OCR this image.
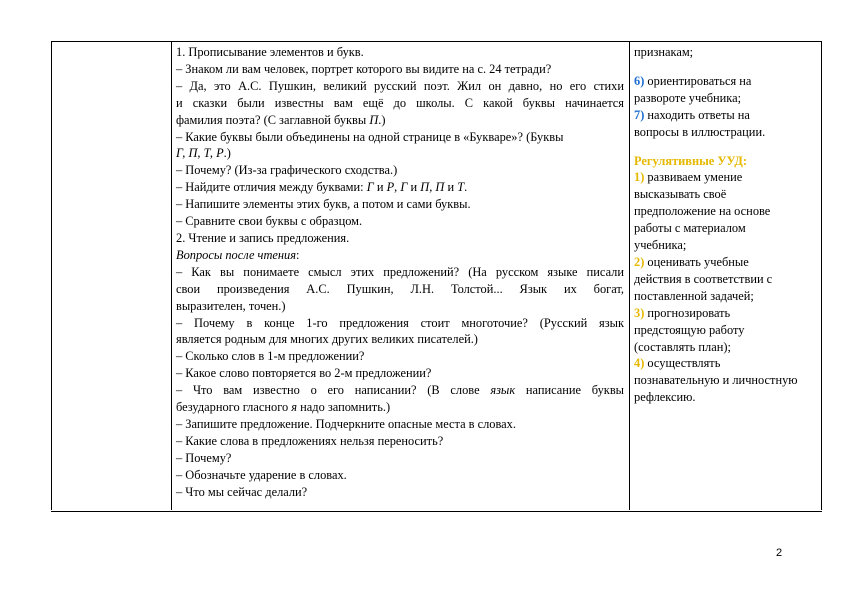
1. Прописывание элементов и букв.
– Знаком ли вам человек, портрет которого вы видите на с. 24 тетради?
– Да, это А.С. Пушкин, великий русский поэт. Жил он давно, но его стихи
и сказки были известны вам ещё до школы. С какой буквы начинается
фамилия поэта? (С заглавной буквы П.)
– Какие буквы были объединены на одной странице в «Букваре»? (Буквы
Г, П, Т, Р.)
– Почему? (Из-за графического сходства.)
– Найдите отличия между буквами: Г и Р, Г и П, П и Т.
– Напишите элементы этих букв, а потом и сами буквы.
– Сравните свои буквы с образцом.
2. Чтение и запись предложения.
Вопросы после чтения:
– Как вы понимаете смысл этих предложений? (На русском языке писали
свои произведения А.С. Пушкин, Л.Н. Толстой... Язык их богат,
выразителен, точен.)
– Почему в конце 1-го предложения стоит многоточие? (Русский язык
является родным для многих других великих писателей.)
– Сколько слов в 1-м предложении?
– Какое слово повторяется во 2-м предложении?
– Что вам известно о его написании? (В слове язык написание буквы
безударного гласного я надо запомнить.)
– Запишите предложение. Подчеркните опасные места в словах.
– Какие слова в предложениях нельзя переносить?
– Почему?
– Обозначьте ударение в словах.
– Что мы сейчас делали?
признакам;
6) ориентироваться на
развороте учебника;
7) находить ответы на
вопросы в иллюстрации.
Регулятивные УУД:
1) развиваем умение
высказывать своё
предположение на основе
работы с материалом
учебника;
2) оценивать учебные
действия в соответствии с
поставленной задачей;
3) прогнозировать
предстоящую работу
(составлять план);
4) осуществлять
познавательную и личностную
рефлексию.
2
